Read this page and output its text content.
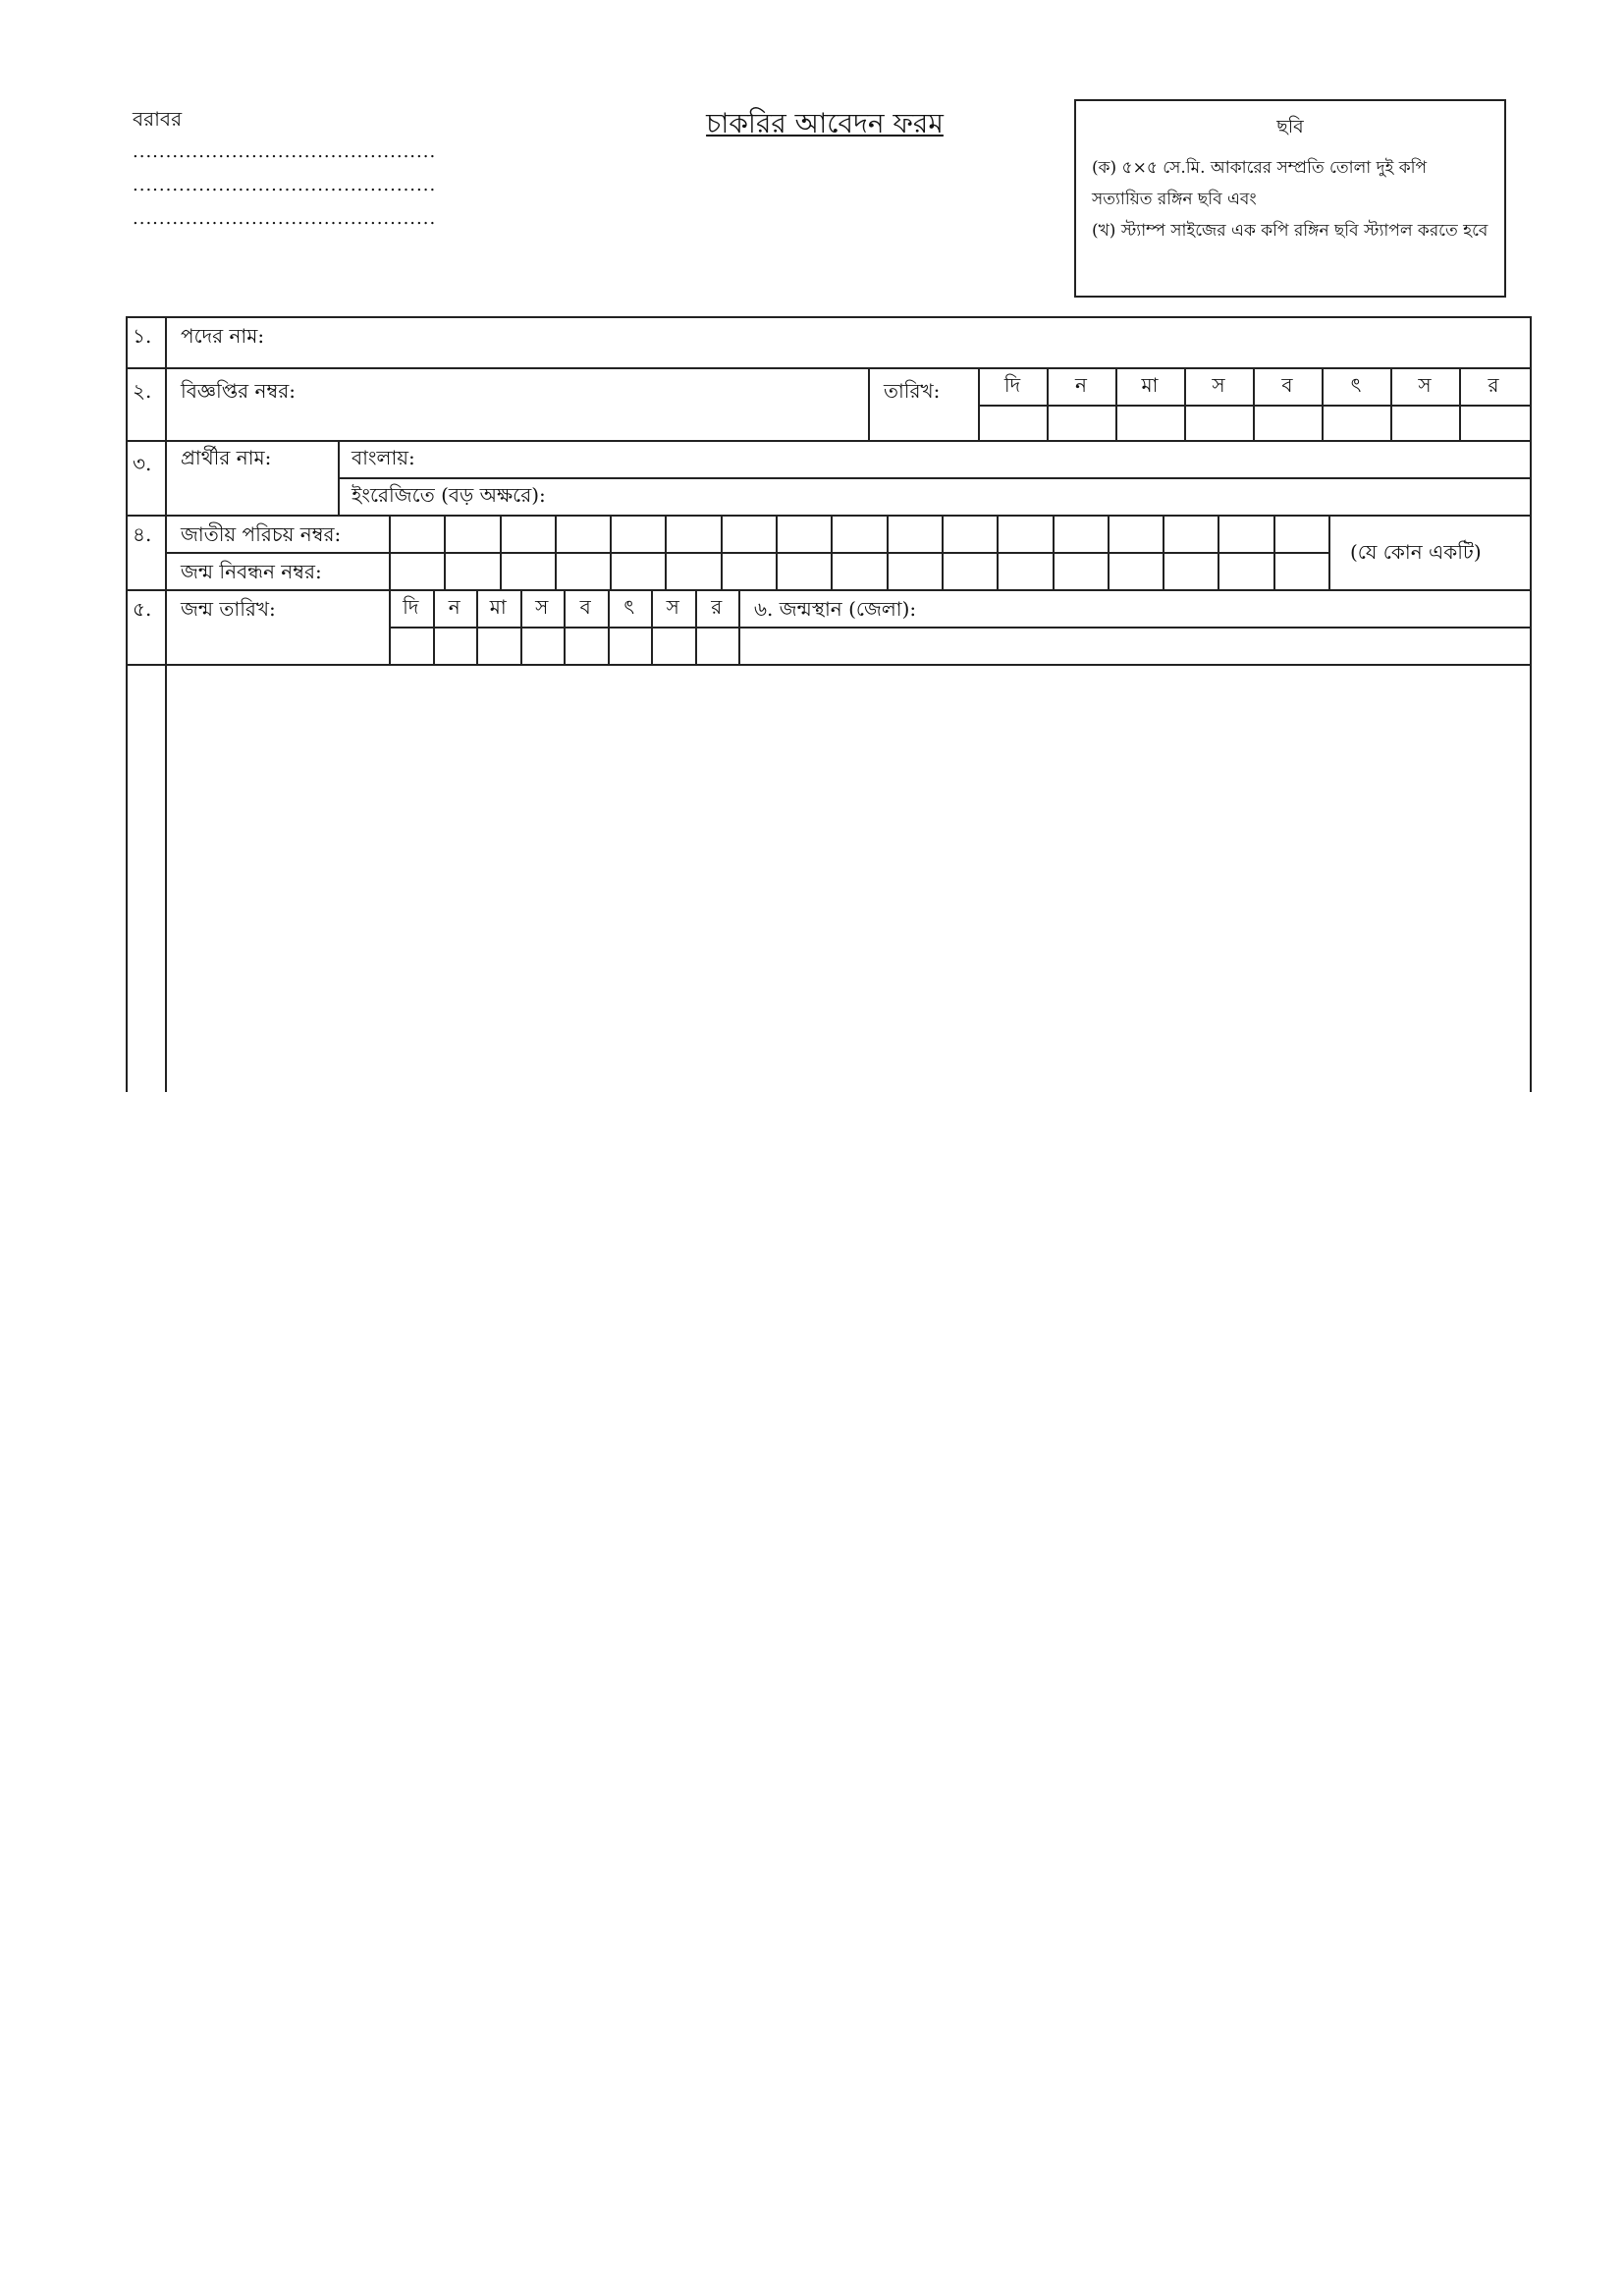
বরাবর
..............................................
..............................................
..............................................
চাকরির আবেদন ফরম	ছবি
(ক) ৫×৫ সে.মি. আকারের সম্প্রতি তোলা দুই কপি সত্যায়িত রঙ্গিন ছবি এবং
(খ) স্ট্যাম্প সাইজের এক কপি রঙ্গিন ছবি স্ট্যাপল করতে হবে
১. পদের নাম:
২. বিজ্ঞপ্তির নম্বর:	তারিখ:	দি	ন	মা	স	ব	ৎ	স	র
৩. প্রার্থীর নাম:	বাংলায়:
ইংরেজিতে (বড় অক্ষরে):
৪. জাতীয় পরিচয় নম্বর:
জন্ম নিবন্ধন নম্বর:
(যে কোন একটি)
৫. জন্ম তারিখ:	দি	ন	মা	স	ব	ৎ	স	র	৬. জন্মস্থান (জেলা):
